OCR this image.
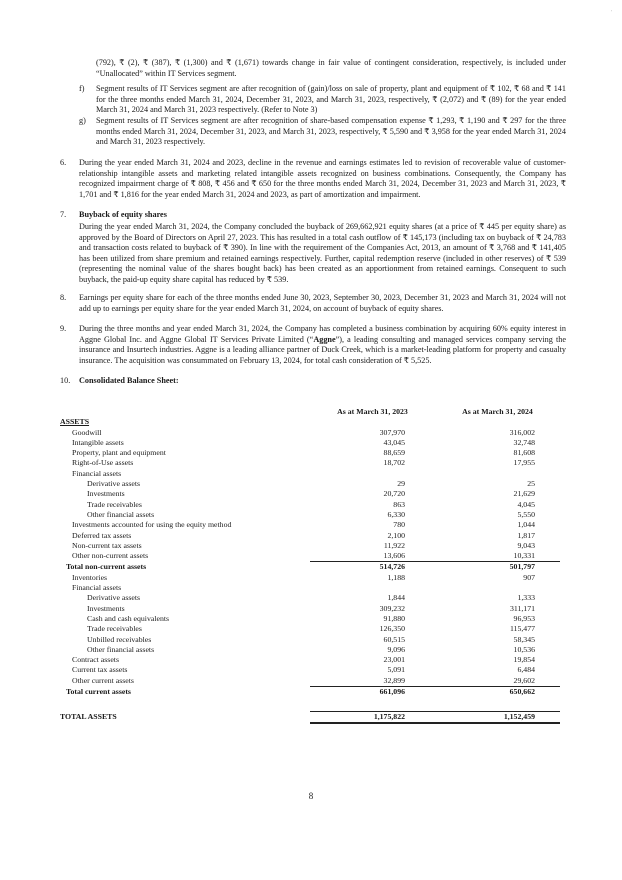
'
(792), ₹ (2), ₹ (387), ₹ (1,300) and ₹ (1,671) towards change in fair value of contingent consideration, respectively, is included under “Unallocated” within IT Services segment.
f) Segment results of IT Services segment are after recognition of (gain)/loss on sale of property, plant and equipment of ₹ 102, ₹ 68 and ₹ 141 for the three months ended March 31, 2024, December 31, 2023, and March 31, 2023, respectively, ₹ (2,072) and ₹ (89) for the year ended March 31, 2024 and March 31, 2023 respectively. (Refer to Note 3)
g) Segment results of IT Services segment are after recognition of share-based compensation expense ₹ 1,293, ₹ 1,190 and ₹ 297 for the three months ended March 31, 2024, December 31, 2023, and March 31, 2023, respectively, ₹ 5,590 and ₹ 3,958 for the year ended March 31, 2024 and March 31, 2023 respectively.
6. During the year ended March 31, 2024 and 2023, decline in the revenue and earnings estimates led to revision of recoverable value of customer-relationship intangible assets and marketing related intangible assets recognized on business combinations. Consequently, the Company has recognized impairment charge of ₹ 808, ₹ 456 and ₹ 650 for the three months ended March 31, 2024, December 31, 2023 and March 31, 2023, ₹ 1,701 and ₹ 1,816 for the year ended March 31, 2024 and 2023, as part of amortization and impairment.
7. Buyback of equity shares
During the year ended March 31, 2024, the Company concluded the buyback of 269,662,921 equity shares (at a price of ₹ 445 per equity share) as approved by the Board of Directors on April 27, 2023. This has resulted in a total cash outflow of ₹ 145,173 (including tax on buyback of ₹ 24,783 and transaction costs related to buyback of ₹ 390). In line with the requirement of the Companies Act, 2013, an amount of ₹ 3,768 and ₹ 141,405 has been utilized from share premium and retained earnings respectively. Further, capital redemption reserve (included in other reserves) of ₹ 539 (representing the nominal value of the shares bought back) has been created as an apportionment from retained earnings. Consequent to such buyback, the paid-up equity share capital has reduced by ₹ 539.
8. Earnings per equity share for each of the three months ended June 30, 2023, September 30, 2023, December 31, 2023 and March 31, 2024 will not add up to earnings per equity share for the year ended March 31, 2024, on account of buyback of equity shares.
9. During the three months and year ended March 31, 2024, the Company has completed a business combination by acquiring 60% equity interest in Aggne Global Inc. and Aggne Global IT Services Private Limited (“Aggne”), a leading consulting and managed services company serving the insurance and Insurtech industries. Aggne is a leading alliance partner of Duck Creek, which is a market-leading platform for property and casualty insurance. The acquisition was consummated on February 13, 2024, for total cash consideration of ₹ 5,525.
10. Consolidated Balance Sheet:
	As at March 31, 2023	As at March 31, 2024
ASSETS		
Goodwill	307,970	316,002
Intangible assets	43,045	32,748
Property, plant and equipment	88,659	81,608
Right-of-Use assets	18,702	17,955
Financial assets		
Derivative assets	29	25
Investments	20,720	21,629
Trade receivables	863	4,045
Other financial assets	6,330	5,550
Investments accounted for using the equity method	780	1,044
Deferred tax assets	2,100	1,817
Non-current tax assets	11,922	9,043
Other non-current assets	13,606	10,331
Total non-current assets	514,726	501,797
Inventories	1,188	907
Financial assets		
Derivative assets	1,844	1,333
Investments	309,232	311,171
Cash and cash equivalents	91,880	96,953
Trade receivables	126,350	115,477
Unbilled receivables	60,515	58,345
Other financial assets	9,096	10,536
Contract assets	23,001	19,854
Current tax assets	5,091	6,484
Other current assets	32,899	29,602
Total current assets	661,096	650,662

TOTAL ASSETS	1,175,822	1,152,459
8
